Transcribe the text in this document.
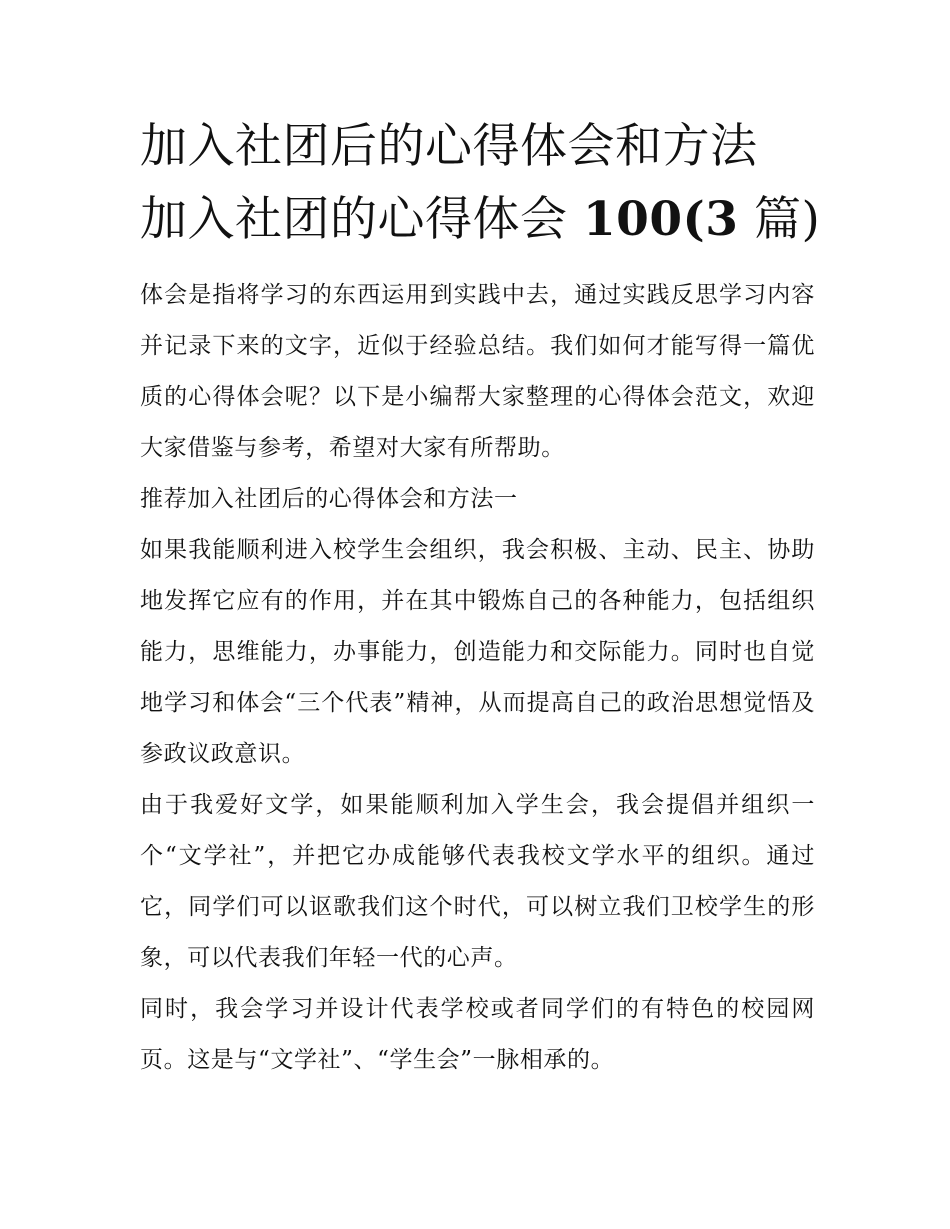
加入社团后的心得体会和方法
加入社团的心得体会 100(3 篇)

体会是指将学习的东西运用到实践中去，通过实践反思学习内容并记录下来的文字，近似于经验总结。我们如何才能写得一篇优质的心得体会呢？以下是小编帮大家整理的心得体会范文，欢迎大家借鉴与参考，希望对大家有所帮助。

推荐加入社团后的心得体会和方法一

如果我能顺利进入校学生会组织，我会积极、主动、民主、协助地发挥它应有的作用，并在其中锻炼自己的各种能力，包括组织能力，思维能力，办事能力，创造能力和交际能力。同时也自觉地学习和体会“三个代表”精神，从而提高自己的政治思想觉悟及参政议政意识。

由于我爱好文学，如果能顺利加入学生会，我会提倡并组织一个“文学社”，并把它办成能够代表我校文学水平的组织。通过它，同学们可以讴歌我们这个时代，可以树立我们卫校学生的形象，可以代表我们年轻一代的心声。

同时，我会学习并设计代表学校或者同学们的有特色的校园网页。这是与“文学社”、“学生会”一脉相承的。
